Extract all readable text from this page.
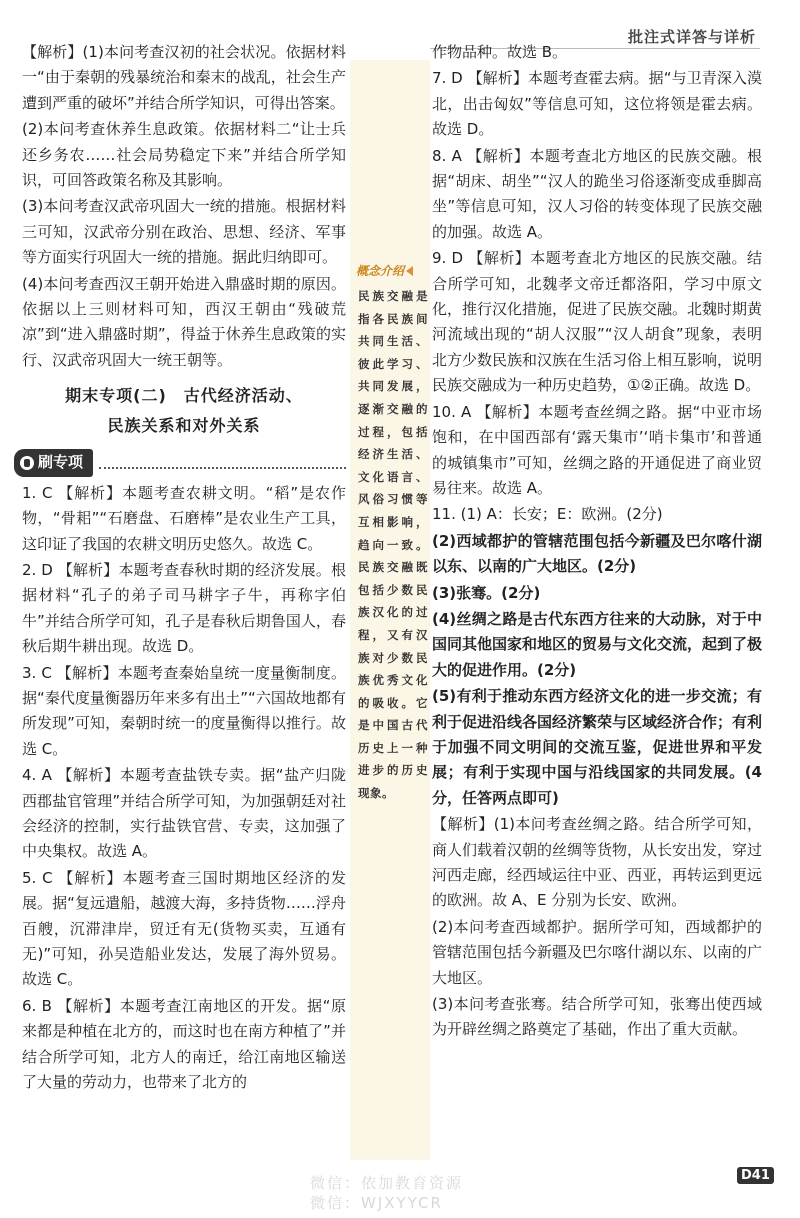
批注式详答与详析

【解析】(1)本问考查汉初的社会状况。依据材料一“由于秦朝的残暴统治和秦末的战乱，社会生产遭到严重的破坏”并结合所学知识，可得出答案。

(2)本问考查休养生息政策。依据材料二“让士兵还乡务农……社会局势稳定下来”并结合所学知识，可回答政策名称及其影响。

(3)本问考查汉武帝巩固大一统的措施。根据材料三可知，汉武帝分别在政治、思想、经济、军事等方面实行巩固大一统的措施。据此归纳即可。

(4)本问考查西汉王朝开始进入鼎盛时期的原因。依据以上三则材料可知，西汉王朝由“残破荒凉”到“进入鼎盛时期”，得益于休养生息政策的实行、汉武帝巩固大一统王朝等。

期末专项(二)　古代经济活动、
民族关系和对外关系
刷专项

1. C 【解析】本题考查农耕文明。“稻”是农作物，“骨耜”“石磨盘、石磨棒”是农业生产工具，这印证了我国的农耕文明历史悠久。故选 C。

2. D 【解析】本题考查春秋时期的经济发展。根据材料“孔子的弟子司马耕字子牛，再称字伯牛”并结合所学可知，孔子是春秋后期鲁国人，春秋后期牛耕出现。故选 D。

3. C 【解析】本题考查秦始皇统一度量衡制度。据“秦代度量衡器历年来多有出土”“六国故地都有所发现”可知，秦朝时统一的度量衡得以推行。故选 C。

4. A 【解析】本题考查盐铁专卖。据“盐产归陇西郡盐官管理”并结合所学可知，为加强朝廷对社会经济的控制，实行盐铁官营、专卖，这加强了中央集权。故选 A。

5. C 【解析】本题考查三国时期地区经济的发展。据“复远遣船，越渡大海，多持货物……浮舟百艘，沉滞津岸，贸迁有无(货物买卖，互通有无)”可知，孙吴造船业发达，发展了海外贸易。故选 C。

6. B 【解析】本题考查江南地区的开发。据“原来都是种植在北方的，而这时也在南方种植了”并结合所学可知，北方人的南迁，给江南地区输送了大量的劳动力，也带来了北方的

概念介绍
民族交融是指各民族间共同生活、彼此学习、共同发展，逐渐交融的过程，包括经济生活、文化语言、风俗习惯等互相影响，趋向一致。民族交融既包括少数民族汉化的过程，又有汉族对少数民族优秀文化的吸收。它是中国古代历史上一种进步的历史现象。

作物品种。故选 B。

7. D 【解析】本题考查霍去病。据“与卫青深入漠北，出击匈奴”等信息可知，这位将领是霍去病。故选 D。

8. A 【解析】本题考查北方地区的民族交融。根据“胡床、胡坐”“汉人的跪坐习俗逐渐变成垂脚高坐”等信息可知，汉人习俗的转变体现了民族交融的加强。故选 A。

9. D 【解析】本题考查北方地区的民族交融。结合所学可知，北魏孝文帝迁都洛阳，学习中原文化，推行汉化措施，促进了民族交融。北魏时期黄河流域出现的“胡人汉服”“汉人胡食”现象，表明北方少数民族和汉族在生活习俗上相互影响，说明民族交融成为一种历史趋势，①②正确。故选 D。

10. A 【解析】本题考查丝绸之路。据“中亚市场饱和，在中国西部有‘露天集市’‘哨卡集市’和普通的城镇集市”可知，丝绸之路的开通促进了商业贸易往来。故选 A。

11. (1) A：长安；E：欧洲。(2分)

(2)西域都护的管辖范围包括今新疆及巴尔喀什湖以东、以南的广大地区。(2分)

(3)张骞。(2分)

(4)丝绸之路是古代东西方往来的大动脉，对于中国同其他国家和地区的贸易与文化交流，起到了极大的促进作用。(2分)

(5)有利于推动东西方经济文化的进一步交流；有利于促进沿线各国经济繁荣与区域经济合作；有利于加强不同文明间的交流互鉴，促进世界和平发展；有利于实现中国与沿线国家的共同发展。(4分，任答两点即可)

【解析】(1)本问考查丝绸之路。结合所学可知，商人们载着汉朝的丝绸等货物，从长安出发，穿过河西走廊，经西域运往中亚、西亚，再转运到更远的欧洲。故 A、E 分别为长安、欧洲。

(2)本问考查西域都护。据所学可知，西域都护的管辖范围包括今新疆及巴尔喀什湖以东、以南的广大地区。

(3)本问考查张骞。结合所学可知，张骞出使西域为开辟丝绸之路奠定了基础，作出了重大贡献。

D41
微信：依加教育资源
微信：WJXYYCR
